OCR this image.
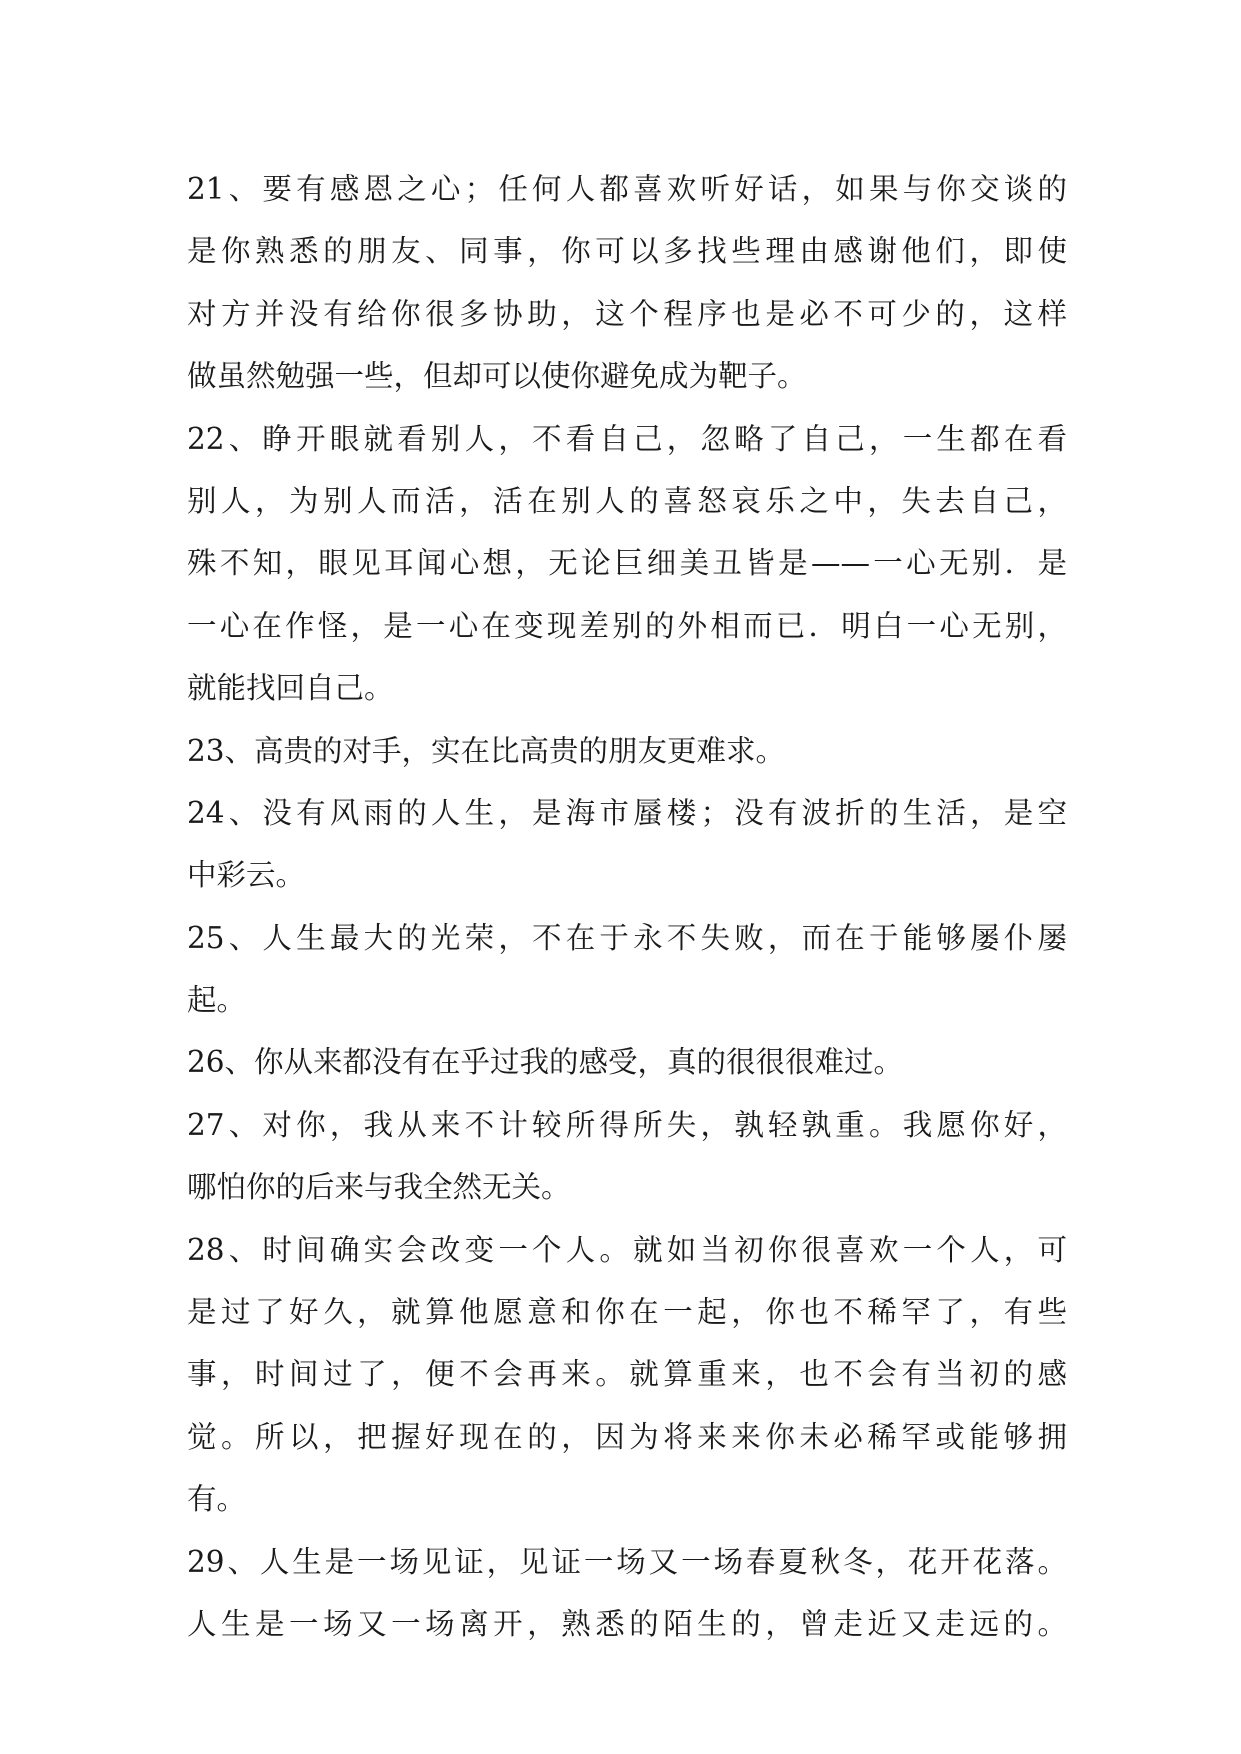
21、要有感恩之心；任何人都喜欢听好话，如果与你交谈的
是你熟悉的朋友、同事，你可以多找些理由感谢他们，即使
对方并没有给你很多协助，这个程序也是必不可少的，这样
做虽然勉强一些，但却可以使你避免成为靶子。
22、睁开眼就看别人，不看自己，忽略了自己，一生都在看
别人，为别人而活，活在别人的喜怒哀乐之中，失去自己，
殊不知，眼见耳闻心想，无论巨细美丑皆是——一心无别．是
一心在作怪，是一心在变现差别的外相而已．明白一心无别，
就能找回自己。
23、高贵的对手，实在比高贵的朋友更难求。
24、没有风雨的人生，是海市蜃楼；没有波折的生活，是空
中彩云。
25、人生最大的光荣，不在于永不失败，而在于能够屡仆屡
起。
26、你从来都没有在乎过我的感受，真的很很很难过。
27、对你，我从来不计较所得所失，孰轻孰重。我愿你好，
哪怕你的后来与我全然无关。
28、时间确实会改变一个人。就如当初你很喜欢一个人，可
是过了好久，就算他愿意和你在一起，你也不稀罕了，有些
事，时间过了，便不会再来。就算重来，也不会有当初的感
觉。所以，把握好现在的，因为将来来你未必稀罕或能够拥
有。
29、人生是一场见证，见证一场又一场春夏秋冬，花开花落。
人生是一场又一场离开，熟悉的陌生的，曾走近又走远的。
